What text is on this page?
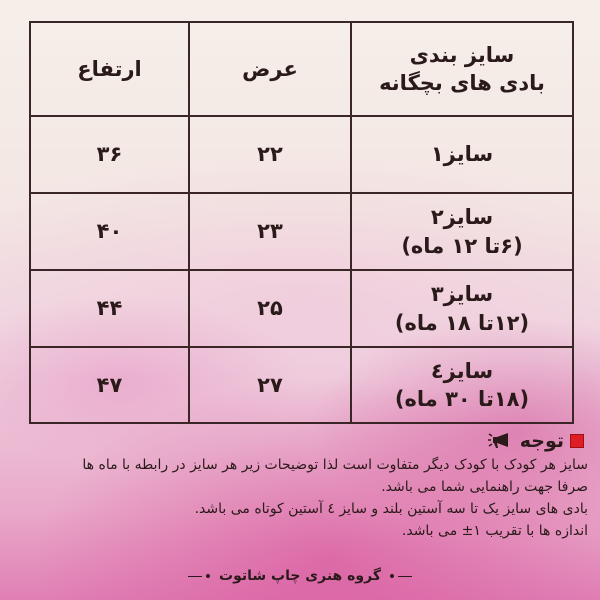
سایز بندی
بادی های بچگانه	عرض	ارتفاع

سایز۱	۲۲	۳۶

سایز۲
(۶تا ۱۲ ماه)	۲۳	۴۰

سایز۳
(۱۲تا ۱۸ ماه)	۲۵	۴۴

سایز٤
(۱۸تا ۳۰ ماه)	۲۷	۴۷
توجه
سایز هر کودک با کودک دیگر متفاوت است لذا توضیحات زیر هر سایز در رابطه با ماه ها
صرفا جهت راهنمایی شما می باشد.
بادی های سایز یک تا سه آستین بلند و سایز ٤ آستین کوتاه می باشد.
اندازه ها با تقریب ۱± می باشد.
گروه هنری چاپ شاتوت
